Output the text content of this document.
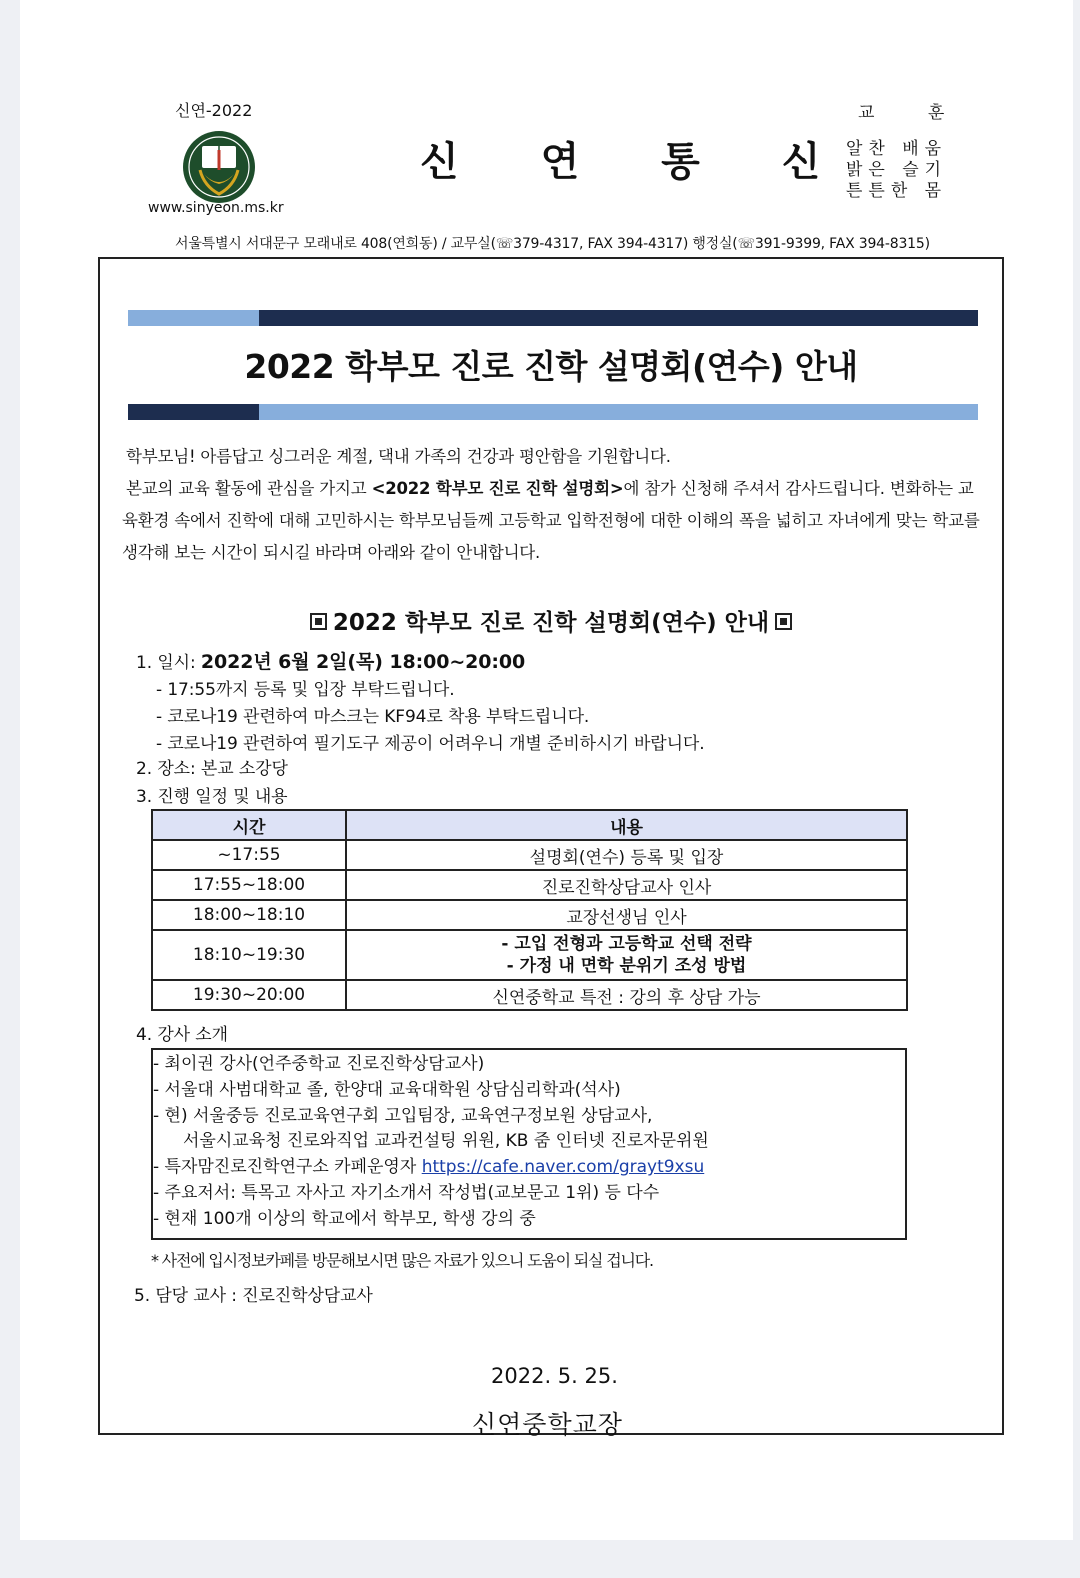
신연-2022
www.sinyeon.ms.kr
신 연 통 신
교 훈
알찬 배움
밝은 슬기
튼튼한 몸
서울특별시 서대문구 모래내로 408(연희동) / 교무실(☏379-4317, FAX 394-4317) 행정실(☏391-9399, FAX 394-8315)
2022 학부모 진로 진학 설명회(연수) 안내

학부모님! 아름답고 싱그러운 계절, 댁내 가족의 건강과 평안함을 기원합니다.

본교의 교육 활동에 관심을 가지고 <2022 학부모 진로 진학 설명회>에 참가 신청해 주셔서 감사드립니다. 변화하는 교육환경 속에서 진학에 대해 고민하시는 학부모님들께 고등학교 입학전형에 대한 이해의 폭을 넓히고 자녀에게 맞는 학교를 생각해 보는 시간이 되시길 바라며 아래와 같이 안내합니다.

2022 학부모 진로 진학 설명회(연수) 안내
1. 일시: 2022년 6월 2일(목) 18:00~20:00
- 17:55까지 등록 및 입장 부탁드립니다.
- 코로나19 관련하여 마스크는 KF94로 착용 부탁드립니다.
- 코로나19 관련하여 필기도구 제공이 어려우니 개별 준비하시기 바랍니다.
2. 장소: 본교 소강당
3. 진행 일정 및 내용
시간	내용
~17:55	설명회(연수) 등록 및 입장
17:55~18:00	진로진학상담교사 인사
18:00~18:10	교장선생님 인사
18:10~19:30	- 고입 전형과 고등학교 선택 전략
- 가정 내 면학 분위기 조성 방법

19:30~20:00	신연중학교 특전 : 강의 후 상담 가능
4. 강사 소개
- 최이권 강사(언주중학교 진로진학상담교사)
- 서울대 사범대학교 졸, 한양대 교육대학원 상담심리학과(석사)
- 현) 서울중등 진로교육연구회 고입팀장, 교육연구정보원 상담교사,
서울시교육청 진로와직업 교과컨설팅 위원, KB 줌 인터넷 진로자문위원
- 특자맘진로진학연구소 카페운영자 https://cafe.naver.com/grayt9xsu
- 주요저서: 특목고 자사고 자기소개서 작성법(교보문고 1위) 등 다수
- 현재 100개 이상의 학교에서 학부모, 학생 강의 중
* 사전에 입시정보카페를 방문해보시면 많은 자료가 있으니 도움이 되실 겁니다.
5. 담당 교사 : 진로진학상담교사
2022. 5. 25.
신연중학교장
